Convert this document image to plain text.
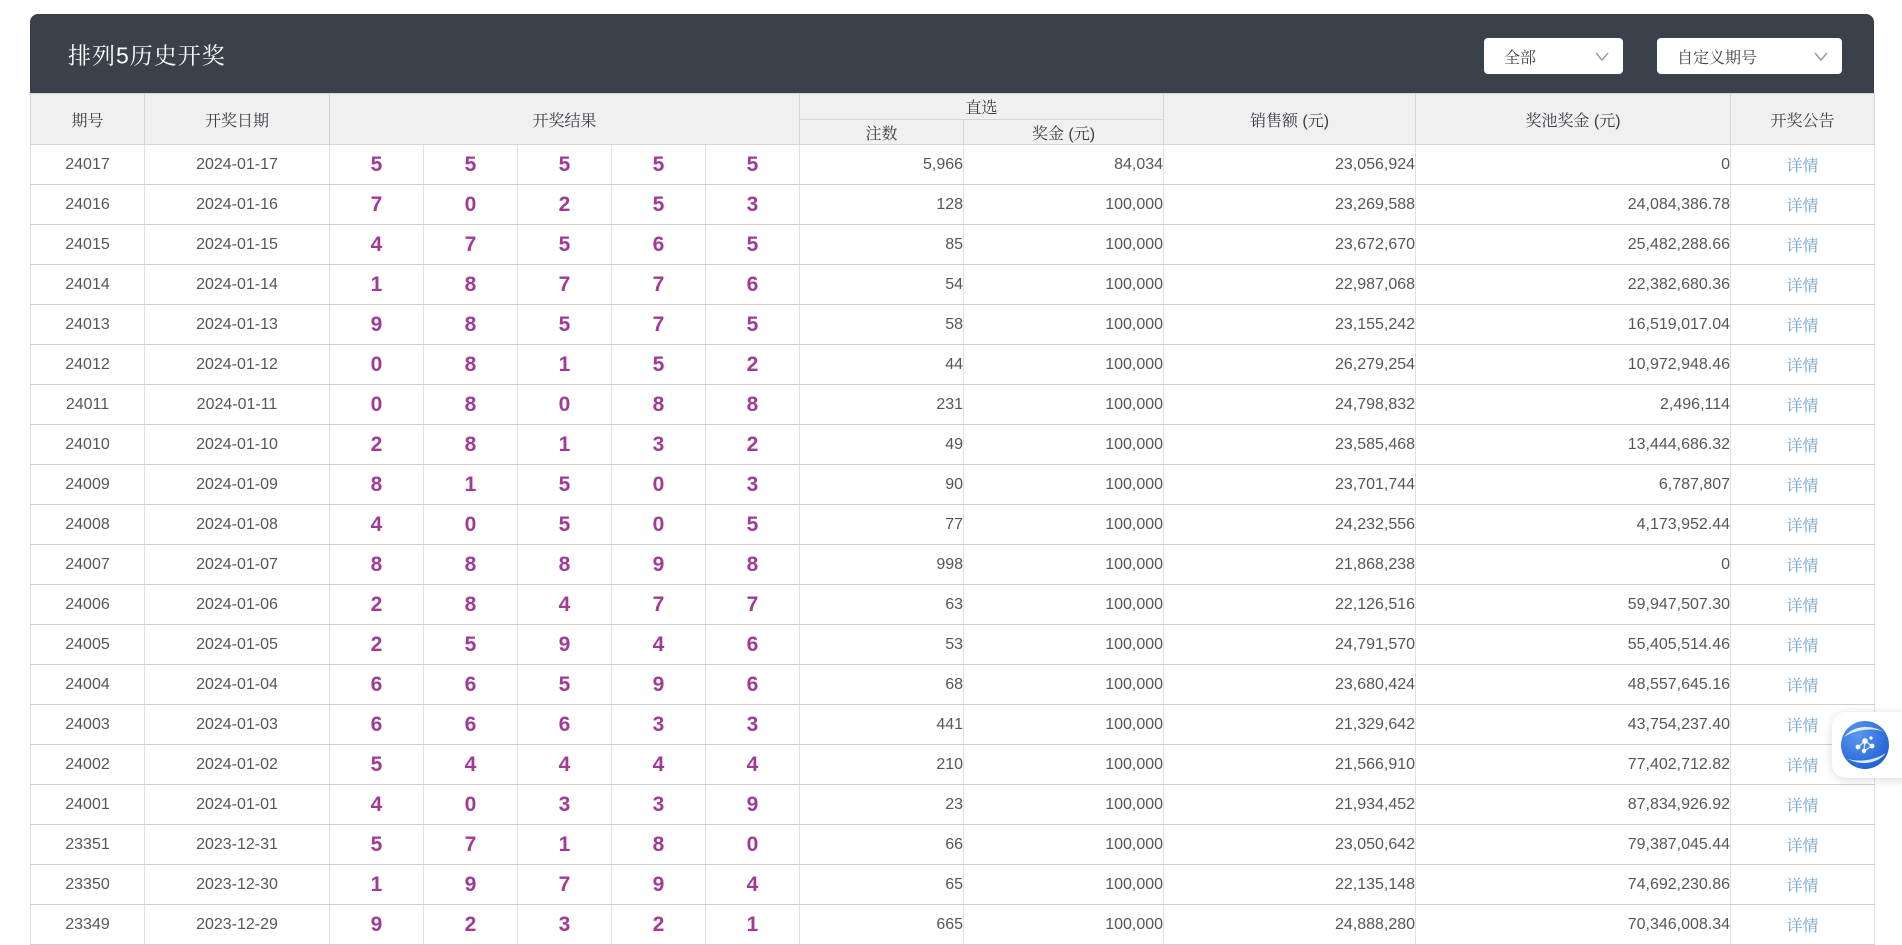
排列5历史开奖	全部	自定义期号
期号	开奖日期	开奖结果					直选		销售额 (元)	奖池奖金 (元)	开奖公告
							注数	奖金 (元)			
24017	2024-01-17	5	5	5	5	5	5,966	84,034	23,056,924	0	详情
24016	2024-01-16	7	0	2	5	3	128	100,000	23,269,588	24,084,386.78	详情
24015	2024-01-15	4	7	5	6	5	85	100,000	23,672,670	25,482,288.66	详情
24014	2024-01-14	1	8	7	7	6	54	100,000	22,987,068	22,382,680.36	详情
24013	2024-01-13	9	8	5	7	5	58	100,000	23,155,242	16,519,017.04	详情
24012	2024-01-12	0	8	1	5	2	44	100,000	26,279,254	10,972,948.46	详情
24011	2024-01-11	0	8	0	8	8	231	100,000	24,798,832	2,496,114	详情
24010	2024-01-10	2	8	1	3	2	49	100,000	23,585,468	13,444,686.32	详情
24009	2024-01-09	8	1	5	0	3	90	100,000	23,701,744	6,787,807	详情
24008	2024-01-08	4	0	5	0	5	77	100,000	24,232,556	4,173,952.44	详情
24007	2024-01-07	8	8	8	9	8	998	100,000	21,868,238	0	详情
24006	2024-01-06	2	8	4	7	7	63	100,000	22,126,516	59,947,507.30	详情
24005	2024-01-05	2	5	9	4	6	53	100,000	24,791,570	55,405,514.46	详情
24004	2024-01-04	6	6	5	9	6	68	100,000	23,680,424	48,557,645.16	详情
24003	2024-01-03	6	6	6	3	3	441	100,000	21,329,642	43,754,237.40	详情
24002	2024-01-02	5	4	4	4	4	210	100,000	21,566,910	77,402,712.82	详情
24001	2024-01-01	4	0	3	3	9	23	100,000	21,934,452	87,834,926.92	详情
23351	2023-12-31	5	7	1	8	0	66	100,000	23,050,642	79,387,045.44	详情
23350	2023-12-30	1	9	7	9	4	65	100,000	22,135,148	74,692,230.86	详情
23349	2023-12-29	9	2	3	2	1	665	100,000	24,888,280	70,346,008.34	详情
